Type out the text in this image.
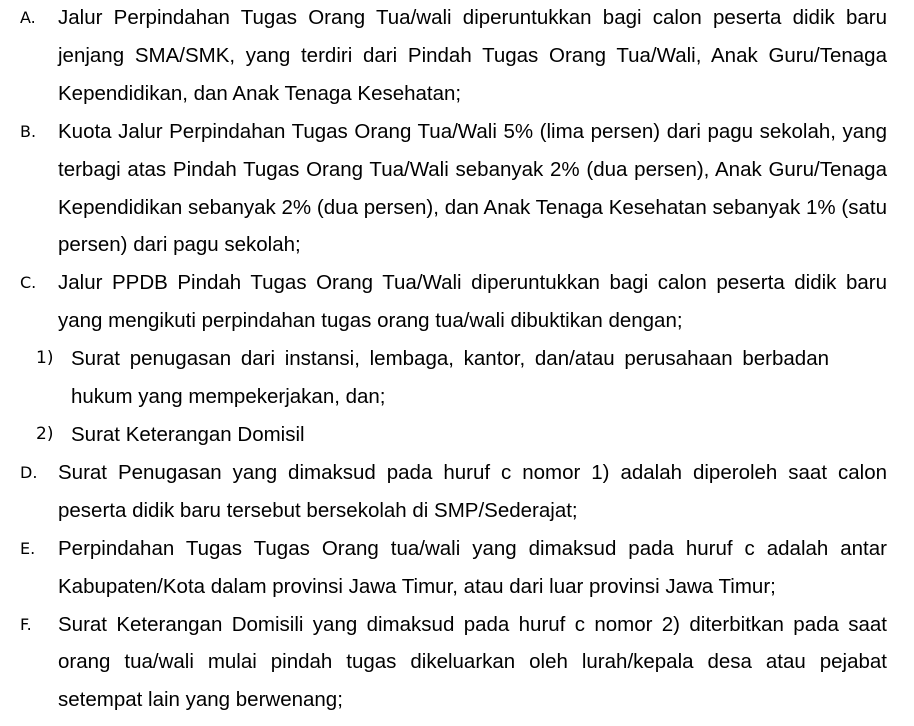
A. Jalur Perpindahan Tugas Orang Tua/wali diperuntukkan bagi calon peserta didik baru jenjang SMA/SMK, yang terdiri dari Pindah Tugas Orang Tua/Wali, Anak Guru/Tenaga Kependidikan, dan Anak Tenaga Kesehatan;

B. Kuota Jalur Perpindahan Tugas Orang Tua/Wali 5% (lima persen) dari pagu sekolah, yang terbagi atas Pindah Tugas Orang Tua/Wali sebanyak 2% (dua persen), Anak Guru/Tenaga Kependidikan sebanyak 2% (dua persen), dan Anak Tenaga Kesehatan sebanyak 1% (satu persen) dari pagu sekolah;

C. Jalur PPDB Pindah Tugas Orang Tua/Wali diperuntukkan bagi calon peserta didik baru yang mengikuti perpindahan tugas orang tua/wali dibuktikan dengan;

1) Surat penugasan dari instansi, lembaga, kantor, dan/atau perusahaan berbadan hukum yang mempekerjakan, dan;

2) Surat Keterangan Domisil

D. Surat Penugasan yang dimaksud pada huruf c nomor 1) adalah diperoleh saat calon peserta didik baru tersebut bersekolah di SMP/Sederajat;

E. Perpindahan Tugas Tugas Orang tua/wali yang dimaksud pada huruf c adalah antar Kabupaten/Kota dalam provinsi Jawa Timur, atau dari luar provinsi Jawa Timur;

F. Surat Keterangan Domisili yang dimaksud pada huruf c nomor 2) diterbitkan pada saat orang tua/wali mulai pindah tugas dikeluarkan oleh lurah/kepala desa atau pejabat setempat lain yang berwenang;
